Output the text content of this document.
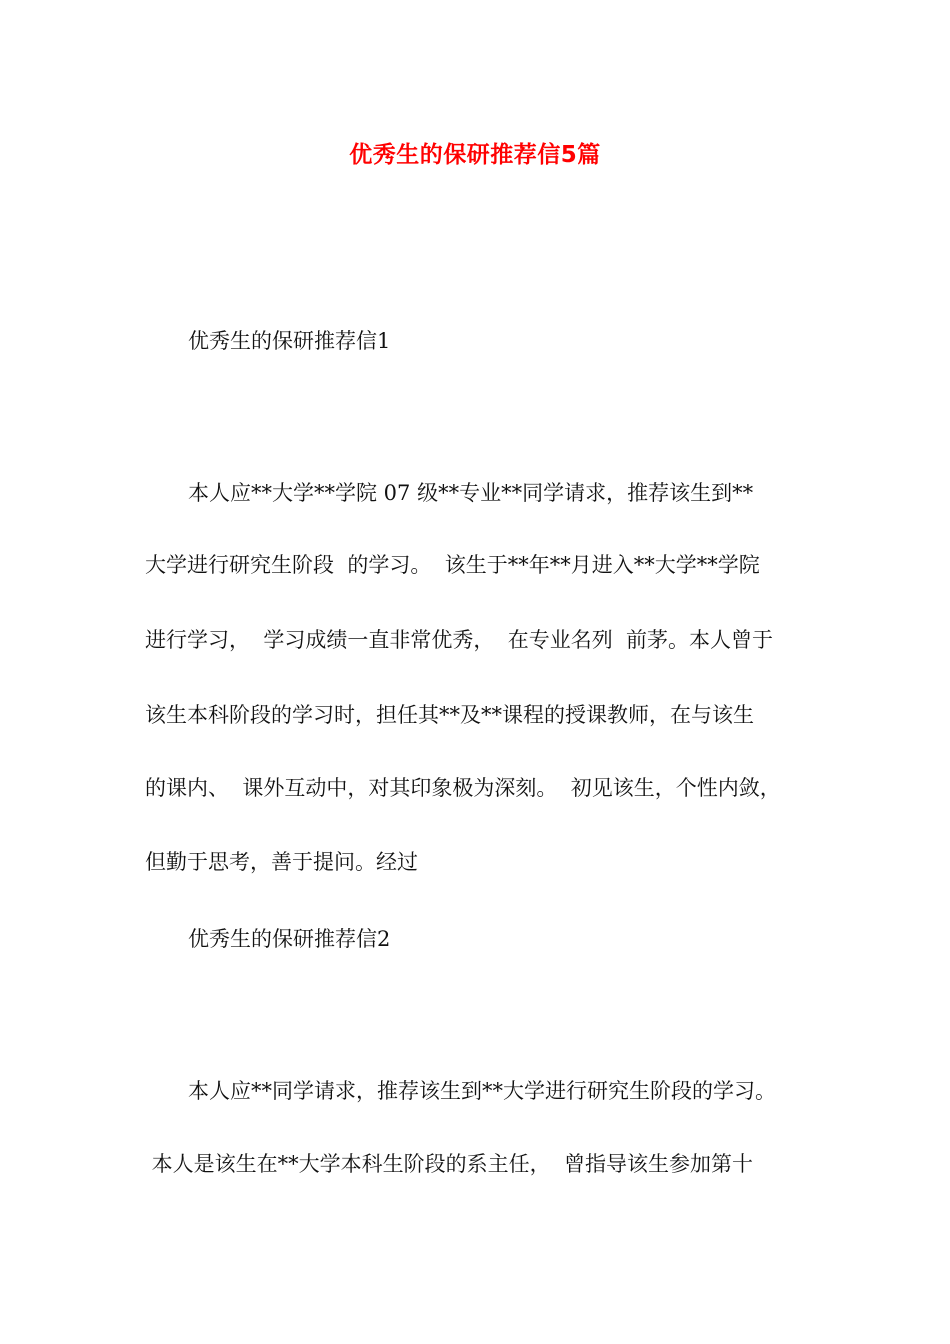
优秀生的保研推荐信5篇
优秀生的保研推荐信1
本人应**大学**学院 07 级**专业**同学请求，推荐该生到**
大学进行研究生阶段  的学习。  该生于**年**月进入**大学**学院
进行学习，  学习成绩一直非常优秀，  在专业名列  前茅。本人曾于
该生本科阶段的学习时，担任其**及**课程的授课教师，在与该生
的课内、  课外互动中，对其印象极为深刻。  初见该生，个性内敛，
但勤于思考，善于提问。经过
优秀生的保研推荐信2
本人应**同学请求，推荐该生到**大学进行研究生阶段的学习。
本人是该生在**大学本科生阶段的系主任，  曾指导该生参加第十
